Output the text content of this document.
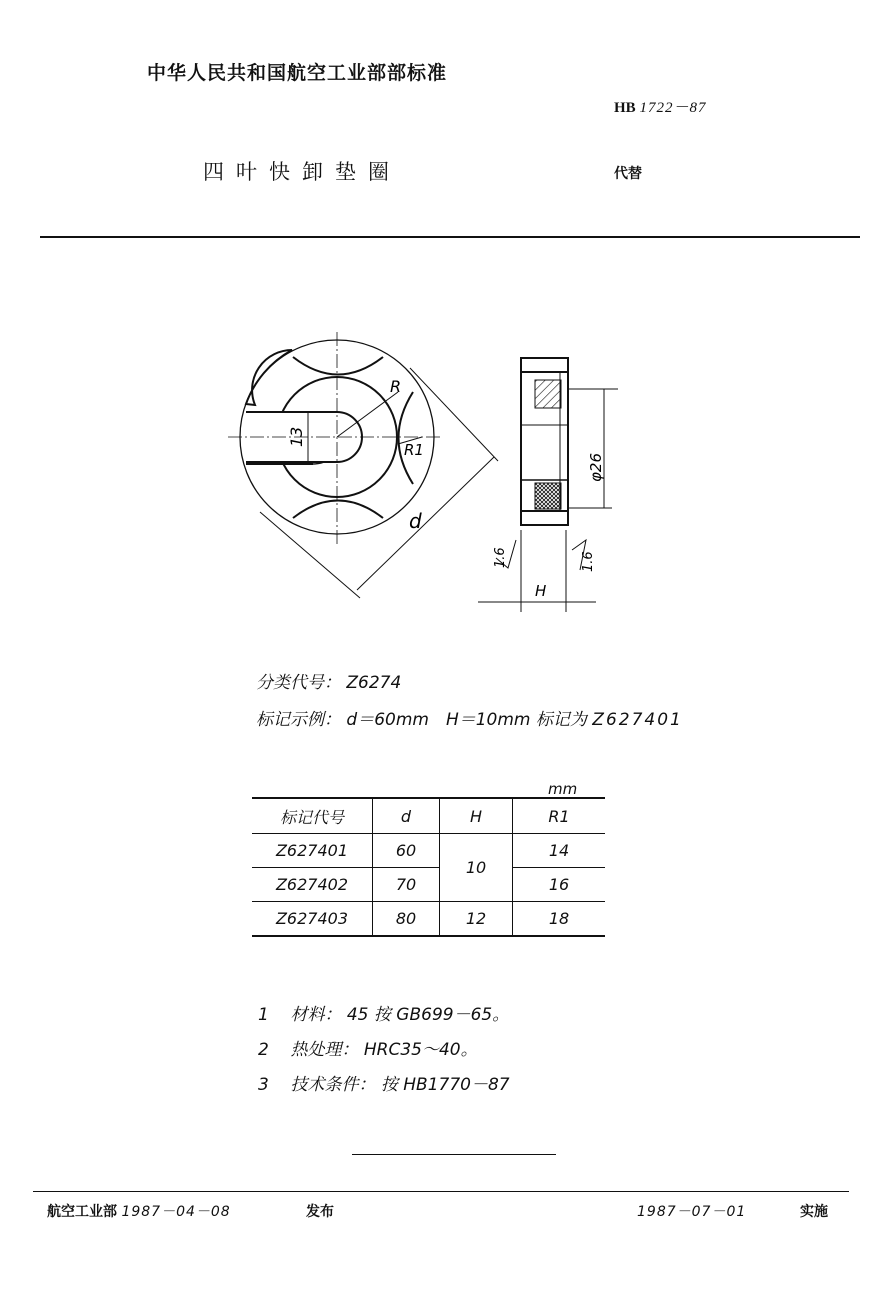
中华人民共和国航空工业部部标准
HB 1722－87
四叶快卸垫圈	代替
R
R1
13
d
φ26
1.6	1.6
H
分类代号： Z6274
标记示例： d＝60mm　H＝10mm 标记为 Z627401
mm
标记代号	d	H	R1
Z627401	60	10	14
Z627402	70		16
Z627403	80	12	18
1 材料： 45 按 GB699－65。
2 热处理： HRC35～40。
3 技术条件： 按 HB1770－87
航空工业部 1987－04－08	发布	1987－07－01	实施
